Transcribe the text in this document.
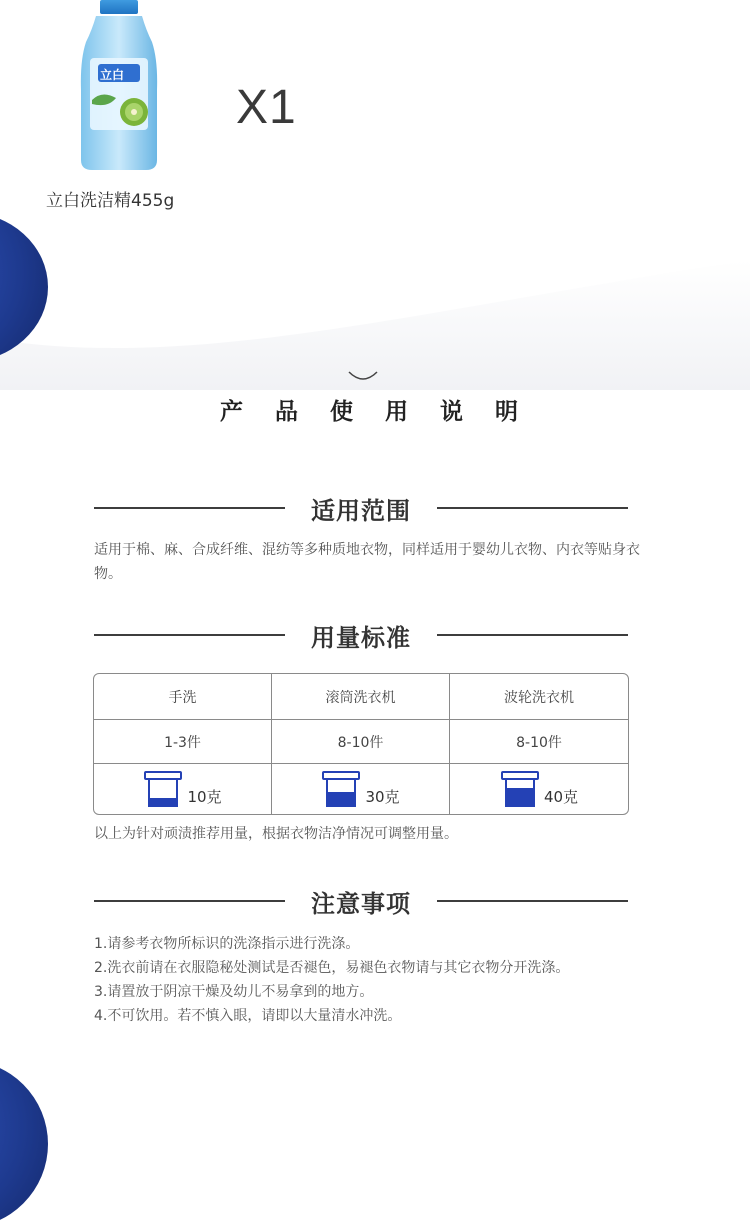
立白
X1
立白洗洁精455g
产 品 使 用 说 明
适用范围
适用于棉、麻、合成纤维、混纺等多种质地衣物，同样适用于婴幼儿衣物、内衣等贴身衣物。
用量标准
手洗	滚筒洗衣机	波轮洗衣机
1-3件	8-10件	8-10件
10克	30克	40克
以上为针对顽渍推荐用量，根据衣物洁净情况可调整用量。
注意事项
1.请参考衣物所标识的洗涤指示进行洗涤。
2.洗衣前请在衣服隐秘处测试是否褪色，易褪色衣物请与其它衣物分开洗涤。
3.请置放于阴凉干燥及幼儿不易拿到的地方。
4.不可饮用。若不慎入眼，请即以大量清水冲洗。
